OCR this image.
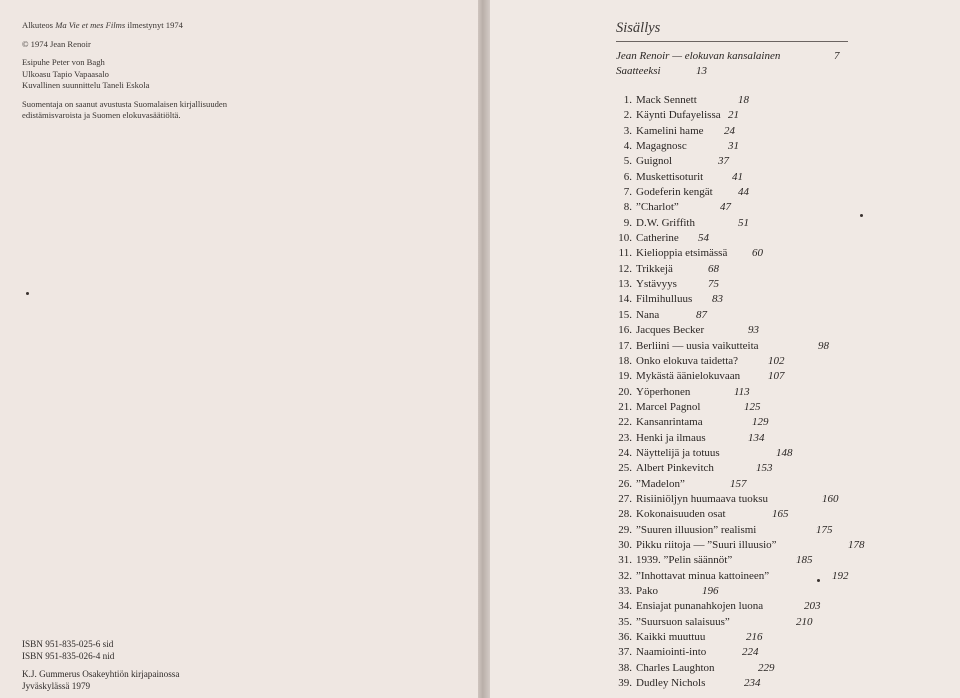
Alkuteos Ma Vie et mes Films ilmestynyt 1974

© 1974 Jean Renoir

Esipuhe Peter von Bagh
Ulkoasu Tapio Vapaasalo
Kuvallinen suunnittelu Taneli Eskola

Suomentaja on saanut avustusta Suomalaisen kirjallisuuden edistämisvaroista ja Suomen elokuvasäätiöltä.

ISBN 951-835-025-6 sid
ISBN 951-835-026-4 nid
K.J. Gummerus Osakeyhtiön kirjapainossa
Jyväskylässä 1979
Sisällys
Jean Renoir — elokuvan kansalainen	7
Saatteeksi	13
1. Mack Sennett	18
2. Käynti Dufayelissa 21
3. Kamelini hame 24
4. Magagnosc	31
5. Guignol	37
6. Muskettisoturit	41
7. Godeferin kengät 44
8. ”Charlot”	47
9. D.W. Griffith	51
10. Catherine 54
11. Kielioppia etsimässä 60
12. Trikkejä	68
13. Ystävyys	75
14. Filmihulluus 83
15. Nana	87
16. Jacques Becker	93
17. Berliini — uusia vaikutteita	98
18. Onko elokuva taidetta?	102
19. Mykästä äänielokuvaan	107
20. Yöperhonen	113
21. Marcel Pagnol	125
22. Kansanrintama	129
23. Henki ja ilmaus	134
24. Näyttelijä ja totuus	148
25. Albert Pinkevitch	153
26. ”Madelon”	157
27. Risiiniöljyn huumaava tuoksu	160
28. Kokonaisuuden osat	165
29. ”Suuren illuusion” realismi	175
30. Pikku riitoja — ”Suuri illuusio”	178
31. 1939. ”Pelin säännöt”	185
32. ”Inhottavat minua kattoineen”	192
33. Pako	196
34. Ensiajat punanahkojen luona	203
35. ”Suursuon salaisuus”	210
36. Kaikki muuttuu	216
37. Naamiointi-into	224
38. Charles Laughton	229
39. Dudley Nichols	234
